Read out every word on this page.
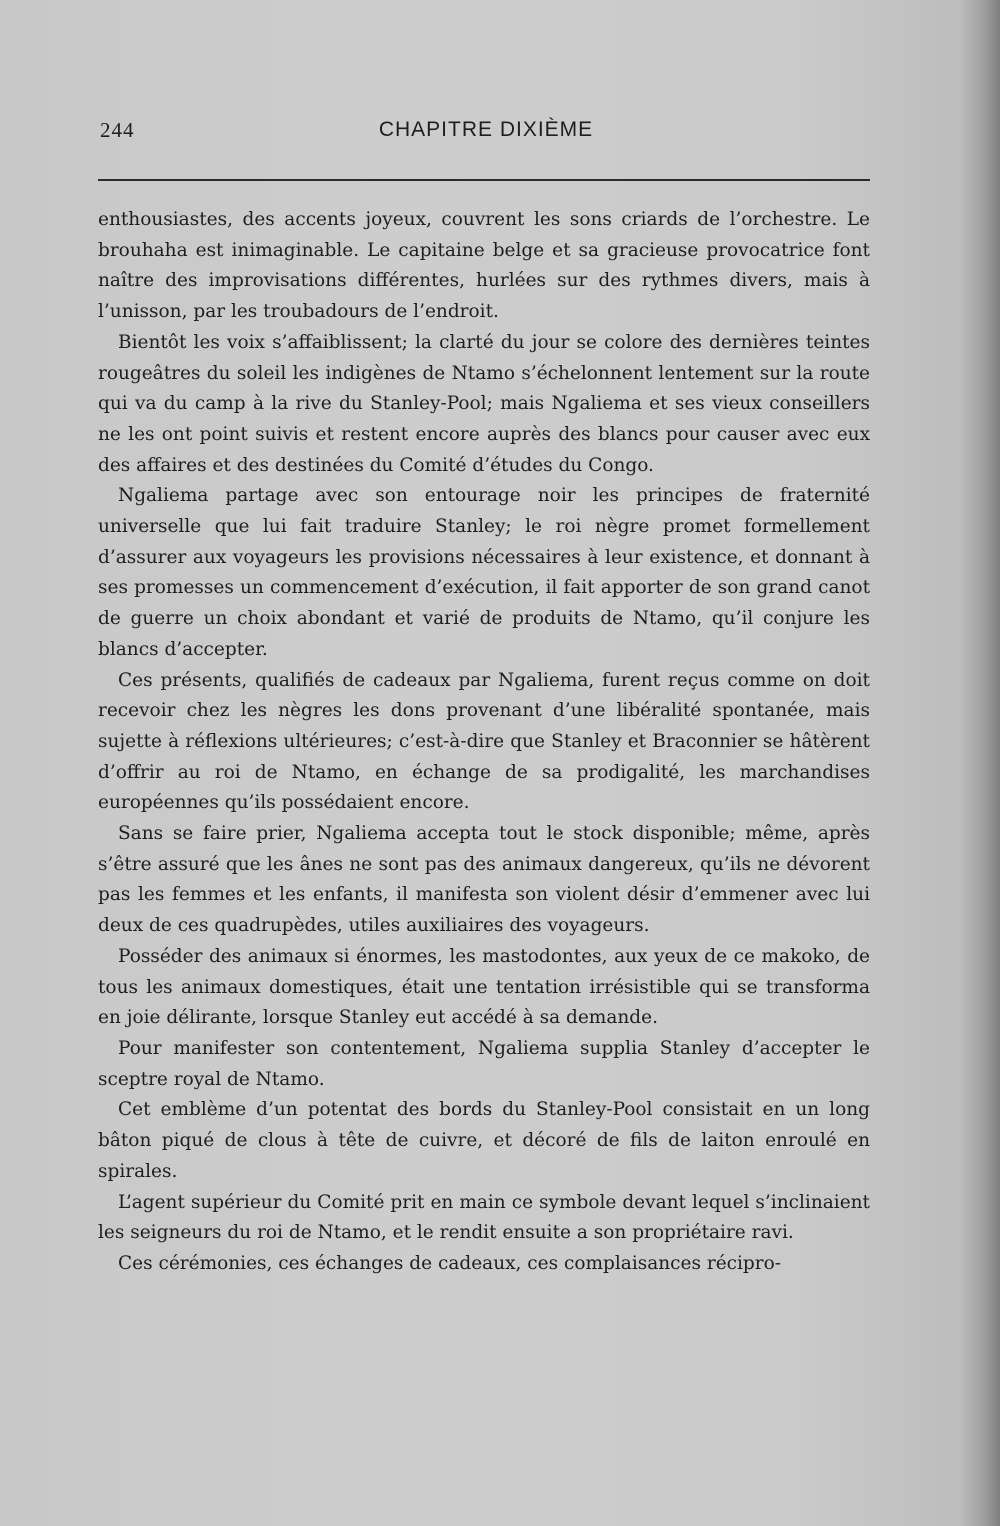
244	CHAPITRE DIXIÈME

enthousiastes, des accents joyeux, couvrent les sons criards de l’orchestre. Le brouhaha est inimaginable. Le capitaine belge et sa gracieuse provocatrice font naître des improvisations différentes, hurlées sur des rythmes divers, mais à l’unisson, par les troubadours de l’endroit.

Bientôt les voix s’affaiblissent; la clarté du jour se colore des dernières teintes rougeâtres du soleil les indigènes de Ntamo s’échelonnent lentement sur la route qui va du camp à la rive du Stanley-Pool; mais Ngaliema et ses vieux conseillers ne les ont point suivis et restent encore auprès des blancs pour causer avec eux des affaires et des destinées du Comité d’études du Congo.

Ngaliema partage avec son entourage noir les principes de fraternité universelle que lui fait traduire Stanley; le roi nègre promet formellement d’assurer aux voyageurs les provisions nécessaires à leur existence, et donnant à ses promesses un commencement d’exécution, il fait apporter de son grand canot de guerre un choix abondant et varié de produits de Ntamo, qu’il conjure les blancs d’accepter.

Ces présents, qualifiés de cadeaux par Ngaliema, furent reçus comme on doit recevoir chez les nègres les dons provenant d’une libéralité spontanée, mais sujette à réflexions ultérieures; c’est-à-dire que Stanley et Braconnier se hâtèrent d’offrir au roi de Ntamo, en échange de sa prodigalité, les marchandises européennes qu’ils possédaient encore.

Sans se faire prier, Ngaliema accepta tout le stock disponible; même, après s’être assuré que les ânes ne sont pas des animaux dangereux, qu’ils ne dévorent pas les femmes et les enfants, il manifesta son violent désir d’emmener avec lui deux de ces quadrupèdes, utiles auxiliaires des voyageurs.

Posséder des animaux si énormes, les mastodontes, aux yeux de ce makoko, de tous les animaux domestiques, était une tentation irrésistible qui se transforma en joie délirante, lorsque Stanley eut accédé à sa demande.

Pour manifester son contentement, Ngaliema supplia Stanley d’accepter le sceptre royal de Ntamo.

Cet emblème d’un potentat des bords du Stanley-Pool consistait en un long bâton piqué de clous à tête de cuivre, et décoré de fils de laiton enroulé en spirales.

L’agent supérieur du Comité prit en main ce symbole devant lequel s’inclinaient les seigneurs du roi de Ntamo, et le rendit ensuite a son propriétaire ravi.

Ces cérémonies, ces échanges de cadeaux, ces complaisances récipro-
